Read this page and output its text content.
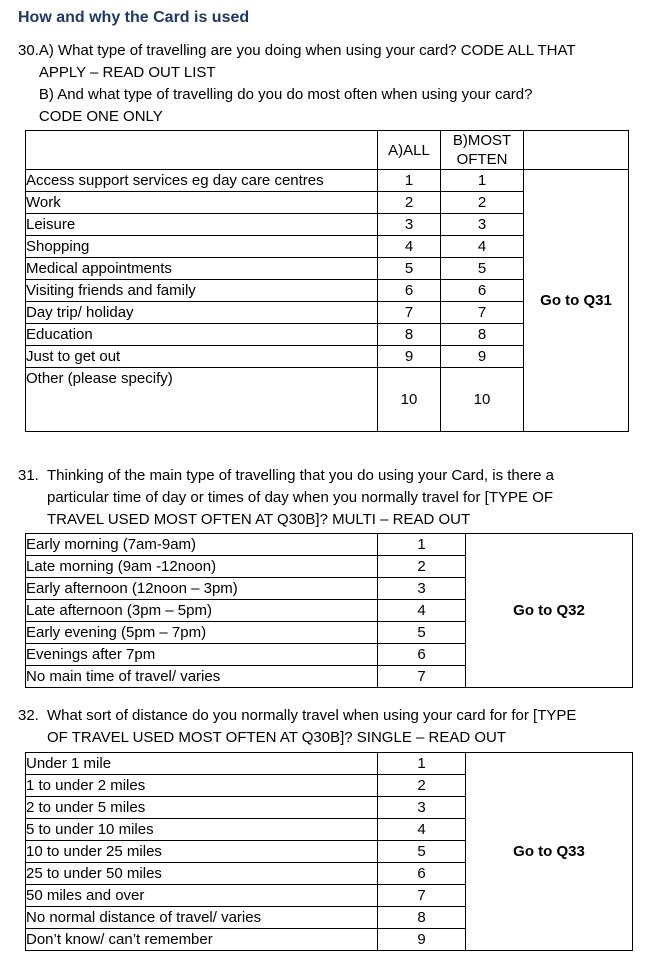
How and why the Card is used
30. A) What type of travelling are you doing when using your card? CODE ALL THAT
APPLY – READ OUT LIST
B) And what type of travelling do you do most often when using your card?
CODE ONE ONLY
	A)ALL	B)MOST OFTEN	
Access support services eg day care centres	1	1	Go to Q31
Work	2	2	
Leisure	3	3	
Shopping	4	4	
Medical appointments	5	5	
Visiting friends and family	6	6	
Day trip/ holiday	7	7	
Education	8	8	
Just to get out	9	9	
Other (please specify)	10	10	
31. Thinking of the main type of travelling that you do using your Card, is there a
particular time of day or times of day when you normally travel for [TYPE OF
TRAVEL USED MOST OFTEN AT Q30B]? MULTI – READ OUT
Early morning (7am-9am)	1	Go to Q32
Late morning (9am -12noon)	2	
Early afternoon (12noon – 3pm)	3	
Late afternoon (3pm – 5pm)	4	
Early evening (5pm – 7pm)	5	
Evenings after 7pm	6	
No main time of travel/ varies	7	
32. What sort of distance do you normally travel when using your card for for [TYPE
OF TRAVEL USED MOST OFTEN AT Q30B]? SINGLE – READ OUT
Under 1 mile	1	Go to Q33
1 to under 2 miles	2	
2 to under 5 miles	3	
5 to under 10 miles	4	
10 to under 25 miles	5	
25 to under 50 miles	6	
50 miles and over	7	
No normal distance of travel/ varies	8	
Don’t know/ can’t remember	9	
